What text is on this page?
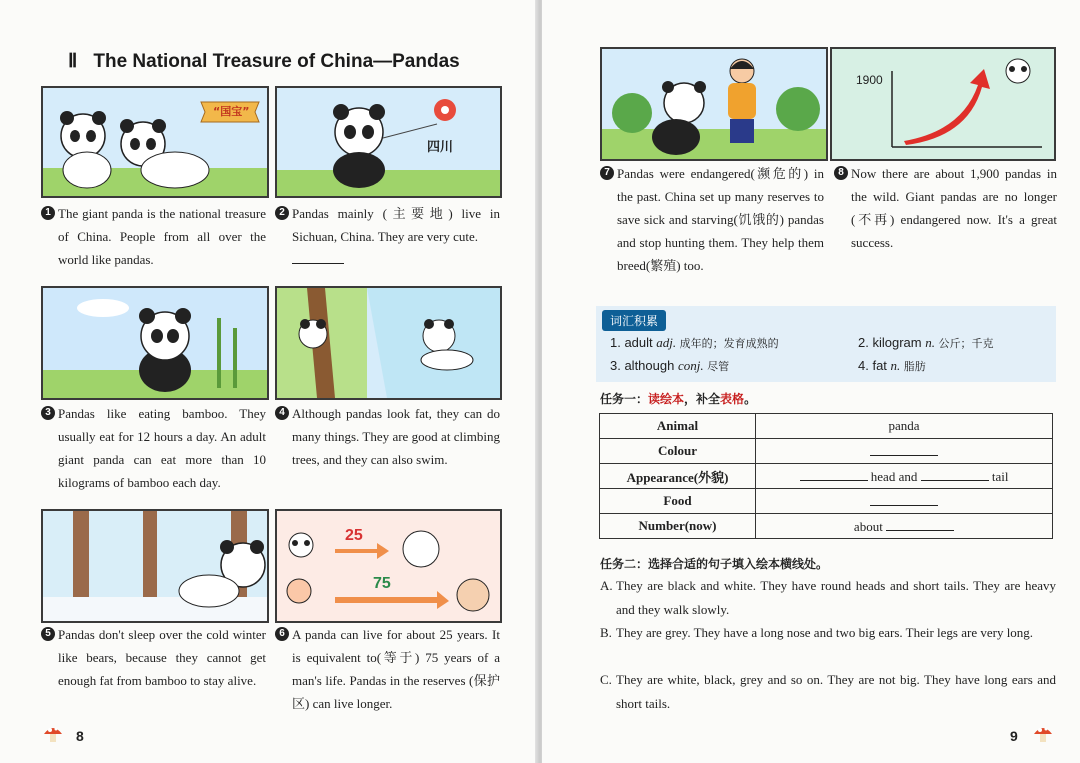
Ⅱ The National Treasure of China—Pandas
“国宝”
四川
1 The giant panda is the national treasure of China. People from all over the world like pandas.

2 Pandas mainly (主要地) live in Sichuan, China. They are very cute.

3 Pandas like eating bamboo. They usually eat for 12 hours a day. An adult giant panda can eat more than 10 kilograms of bamboo each day.

4 Although pandas look fat, they can do many things. They are good at climbing trees, and they can also swim.

25
75
5 Pandas don't sleep over the cold winter like bears, because they cannot get enough fat from bamboo to stay alive.

6 A panda can live for about 25 years. It is equivalent to(等于) 75 years of a man's life. Pandas in the reserves (保护区) can live longer.

8
1900
7 Pandas were endangered(濒危的) in the past. China set up many reserves to save sick and starving(饥饿的) pandas and stop hunting them. They help them breed(繁殖) too.

8 Now there are about 1,900 pandas in the wild. Giant pandas are no longer (不再) endangered now. It's a great success.

词汇积累
1. adult adj. 成年的；发育成熟的	2. kilogram n. 公斤；千克
3. although conj. 尽管	4. fat n. 脂肪
任务一：读绘本，补全表格。
Animal	panda
Colour	
Appearance(外貌)	head and tail
Food	
Number(now)	about
任务二：选择合适的句子填入绘本横线处。
A. They are black and white. They have round heads and short tails. They are heavy and they walk slowly.

B. They are grey. They have a long nose and two big ears. Their legs are very long.

C. They are white, black, grey and so on. They are not big. They have long ears and short tails.

9
